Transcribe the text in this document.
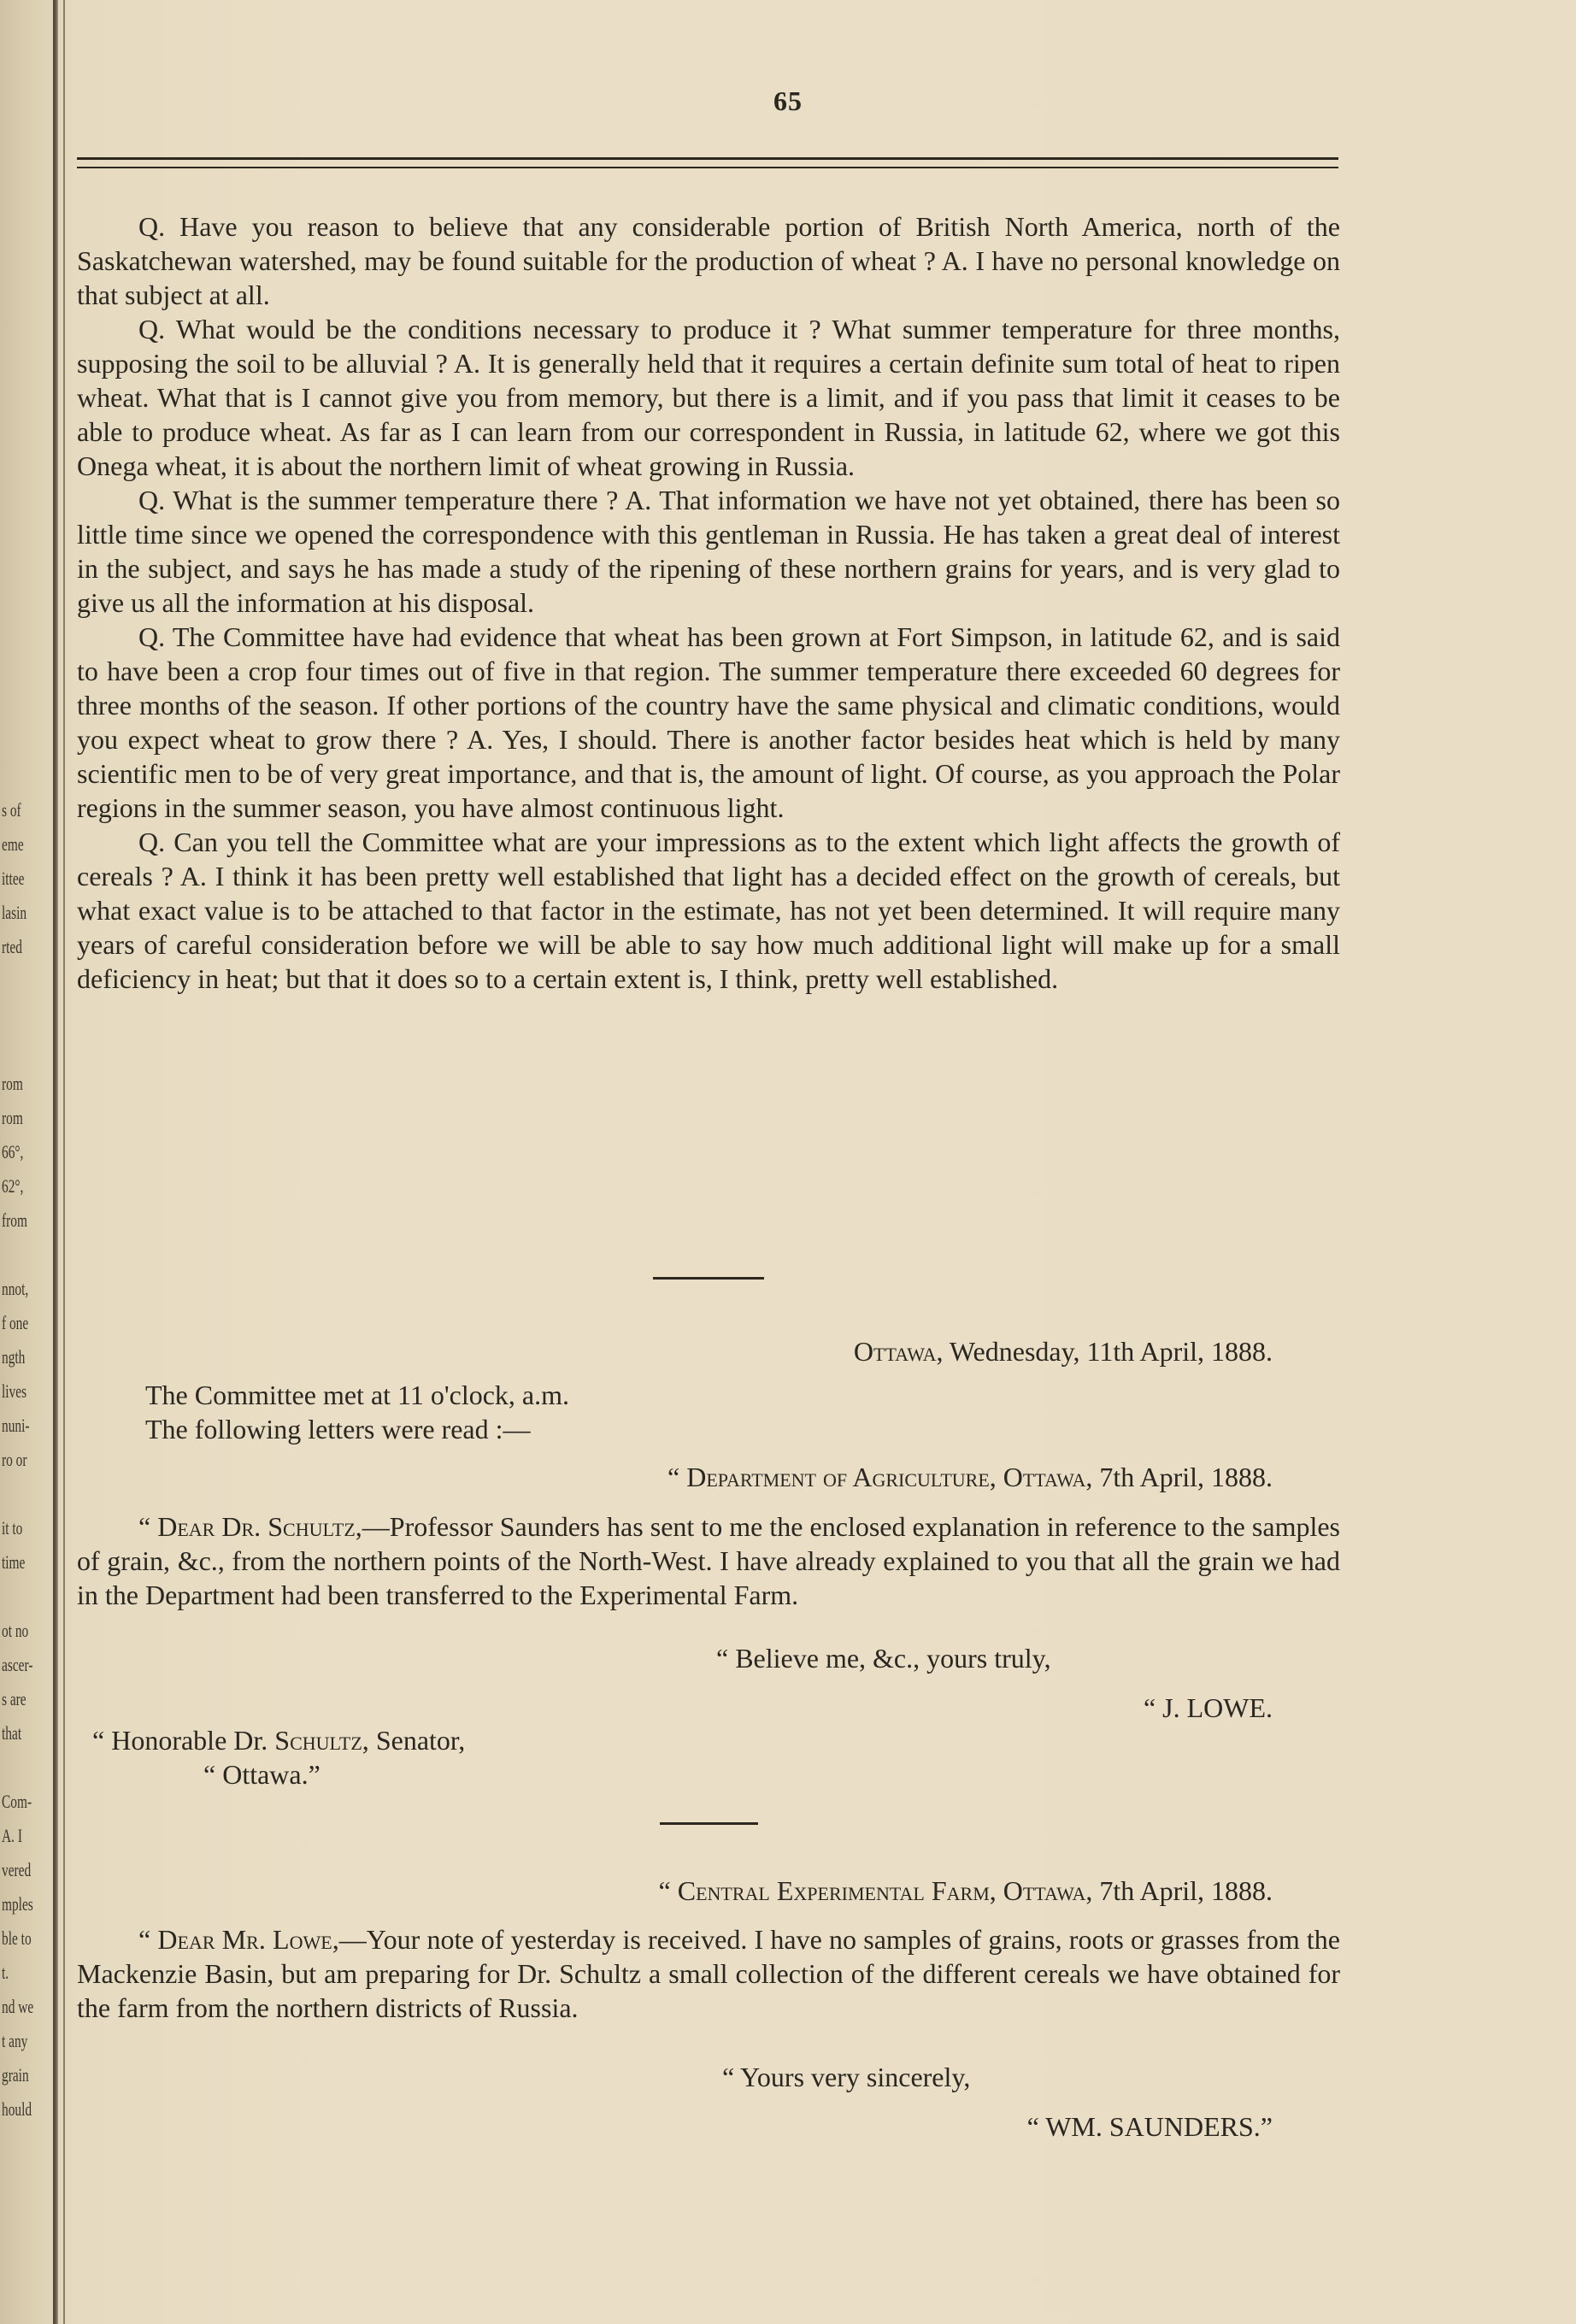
s of
eme
ittee
lasin
rted
rom
rom
66°,
62°,
from
nnot,
f one
ngth
lives
nuni-
ro or
it to
time
ot no
ascer-
s are
that
Com-
A. I
vered
mples
ble to
t.
nd we
t any
grain
hould
65

Q. Have you reason to believe that any considerable portion of British North America, north of the Saskatchewan watershed, may be found suitable for the production of wheat ? A. I have no personal knowledge on that subject at all.

Q. What would be the conditions necessary to produce it ? What summer temperature for three months, supposing the soil to be alluvial ? A. It is generally held that it requires a certain definite sum total of heat to ripen wheat. What that is I cannot give you from memory, but there is a limit, and if you pass that limit it ceases to be able to produce wheat. As far as I can learn from our correspondent in Russia, in latitude 62, where we got this Onega wheat, it is about the northern limit of wheat growing in Russia.

Q. What is the summer temperature there ? A. That information we have not yet obtained, there has been so little time since we opened the correspondence with this gentleman in Russia. He has taken a great deal of interest in the subject, and says he has made a study of the ripening of these northern grains for years, and is very glad to give us all the information at his disposal.

Q. The Committee have had evidence that wheat has been grown at Fort Simpson, in latitude 62, and is said to have been a crop four times out of five in that region. The summer temperature there exceeded 60 degrees for three months of the season. If other portions of the country have the same physical and climatic conditions, would you expect wheat to grow there ? A. Yes, I should. There is another factor besides heat which is held by many scientific men to be of very great importance, and that is, the amount of light. Of course, as you approach the Polar regions in the summer season, you have almost continuous light.

Q. Can you tell the Committee what are your impressions as to the extent which light affects the growth of cereals ? A. I think it has been pretty well established that light has a decided effect on the growth of cereals, but what exact value is to be attached to that factor in the estimate, has not yet been determined. It will require many years of careful consideration before we will be able to say how much additional light will make up for a small deficiency in heat; but that it does so to a certain extent is, I think, pretty well established.

Ottawa, Wednesday, 11th April, 1888.
The Committee met at 11 o'clock, a.m.
The following letters were read :—
“ Department of Agriculture, Ottawa, 7th April, 1888.

“ Dear Dr. Schultz,—Professor Saunders has sent to me the enclosed explanation in reference to the samples of grain, &c., from the northern points of the North-West. I have already explained to you that all the grain we had in the Department had been transferred to the Experimental Farm.

“ Believe me, &c., yours truly,
“ J. LOWE.
“ Honorable Dr. Schultz, Senator,
“ Ottawa.”
“ Central Experimental Farm, Ottawa, 7th April, 1888.

“ Dear Mr. Lowe,—Your note of yesterday is received. I have no samples of grains, roots or grasses from the Mackenzie Basin, but am preparing for Dr. Schultz a small collection of the different cereals we have obtained for the farm from the northern districts of Russia.

“ Yours very sincerely,
“ WM. SAUNDERS.”
